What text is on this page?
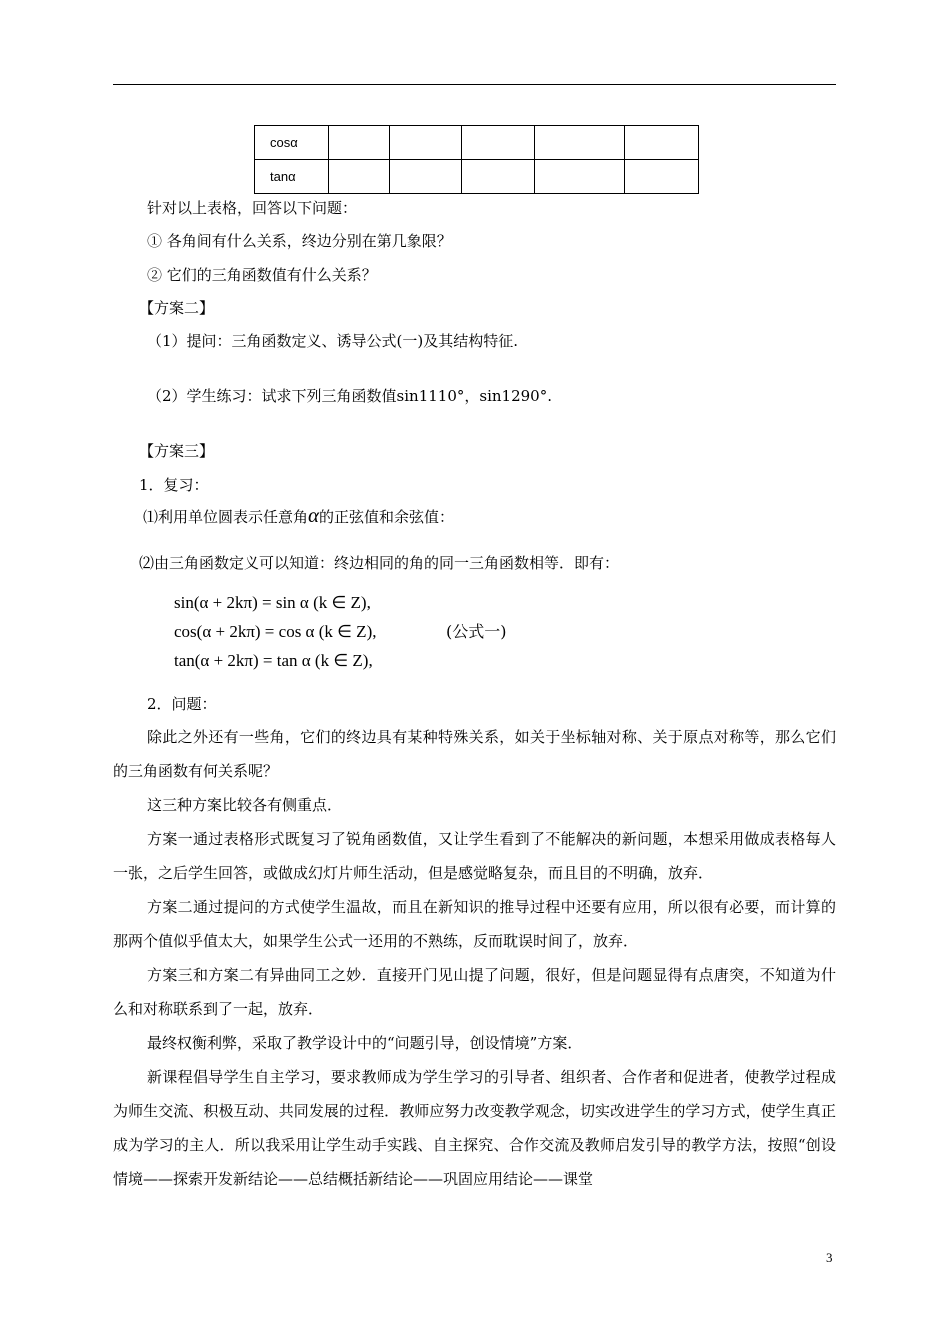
cosα					
tanα					
针对以上表格，回答以下问题：
① 各角间有什么关系，终边分别在第几象限？
② 它们的三角函数值有什么关系？
【方案二】
（1）提问：三角函数定义、诱导公式(一)及其结构特征.
（2）学生练习：试求下列三角函数值sin1110°，sin1290°.
【方案三】
1．复习：
⑴利用单位圆表示任意角α的正弦值和余弦值：
⑵由三角函数定义可以知道：终边相同的角的同一三角函数相等．即有：
sin(α + 2kπ) = sin α (k ∈ Z),
cos(α + 2kπ) = cos α (k ∈ Z),	(公式一)
tan(α + 2kπ) = tan α (k ∈ Z),
2．问题：
除此之外还有一些角，它们的终边具有某种特殊关系，如关于坐标轴对称、关于原点对称等，那么它们的三角函数有何关系呢？
这三种方案比较各有侧重点．
方案一通过表格形式既复习了锐角函数值，又让学生看到了不能解决的新问题，本想采用做成表格每人一张，之后学生回答，或做成幻灯片师生活动，但是感觉略复杂，而且目的不明确，放弃．
方案二通过提问的方式使学生温故，而且在新知识的推导过程中还要有应用，所以很有必要，而计算的那两个值似乎值太大，如果学生公式一还用的不熟练，反而耽误时间了，放弃．
方案三和方案二有异曲同工之妙．直接开门见山提了问题，很好，但是问题显得有点唐突，不知道为什么和对称联系到了一起，放弃．
最终权衡利弊，采取了教学设计中的“问题引导，创设情境”方案．
新课程倡导学生自主学习，要求教师成为学生学习的引导者、组织者、合作者和促进者，使教学过程成为师生交流、积极互动、共同发展的过程．教师应努力改变教学观念，切实改进学生的学习方式，使学生真正成为学习的主人．所以我采用让学生动手实践、自主探究、合作交流及教师启发引导的教学方法，按照“创设情境——探索开发新结论——总结概括新结论——巩固应用结论——课堂
3
